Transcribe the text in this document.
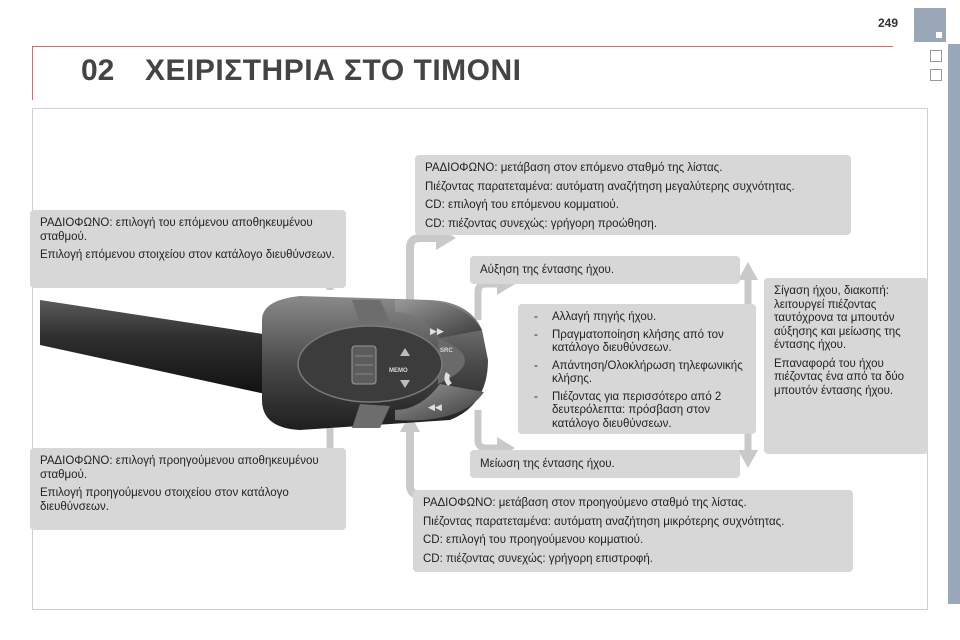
249
02 ΧΕΙΡΙΣΤΗΡΙΑ ΣΤΟ ΤΙΜΟΝΙ
MEMO
SRC
▶▶
◀◀

ΡΑΔΙΟΦΩΝΟ: επιλογή του επόμενου αποθηκευμένου σταθμού.

Επιλογή επόμενου στοιχείου στον κατάλογο διευθύνσεων.

ΡΑΔΙΟΦΩΝΟ: επιλογή προηγούμενου αποθηκευμένου σταθμού.

Επιλογή προηγούμενου στοιχείου στον κατάλογο διευθύνσεων.

ΡΑΔΙΟΦΩΝΟ: μετάβαση στον επόμενο σταθμό της λίστας.

Πιέζοντας παρατεταμένα: αυτόματη αναζήτηση μεγαλύτερης συχνότητας.

CD: επιλογή του επόμενου κομματιού.

CD: πιέζοντας συνεχώς: γρήγορη προώθηση.

Αύξηση της έντασης ήχου.

- Αλλαγή πηγής ήχου.
- Πραγματοποίηση κλήσης από τον κατάλογο διευθύνσεων.
- Απάντηση/Ολοκλήρωση τηλεφωνικής κλήσης.
- Πιέζοντας για περισσότερο από 2 δευτερόλεπτα: πρόσβαση στον κατάλογο διευθύνσεων.

Σίγαση ήχου, διακοπή: λειτουργεί πιέζοντας ταυτόχρονα τα μπουτόν αύξησης και μείωσης της έντασης ήχου.

Επαναφορά του ήχου πιέζοντας ένα από τα δύο μπουτόν έντασης ήχου.

Μείωση της έντασης ήχου.

ΡΑΔΙΟΦΩΝΟ: μετάβαση στον προηγούμενο σταθμό της λίστας.

Πιέζοντας παρατεταμένα: αυτόματη αναζήτηση μικρότερης συχνότητας.

CD: επιλογή του προηγούμενου κομματιού.

CD: πιέζοντας συνεχώς: γρήγορη επιστροφή.
